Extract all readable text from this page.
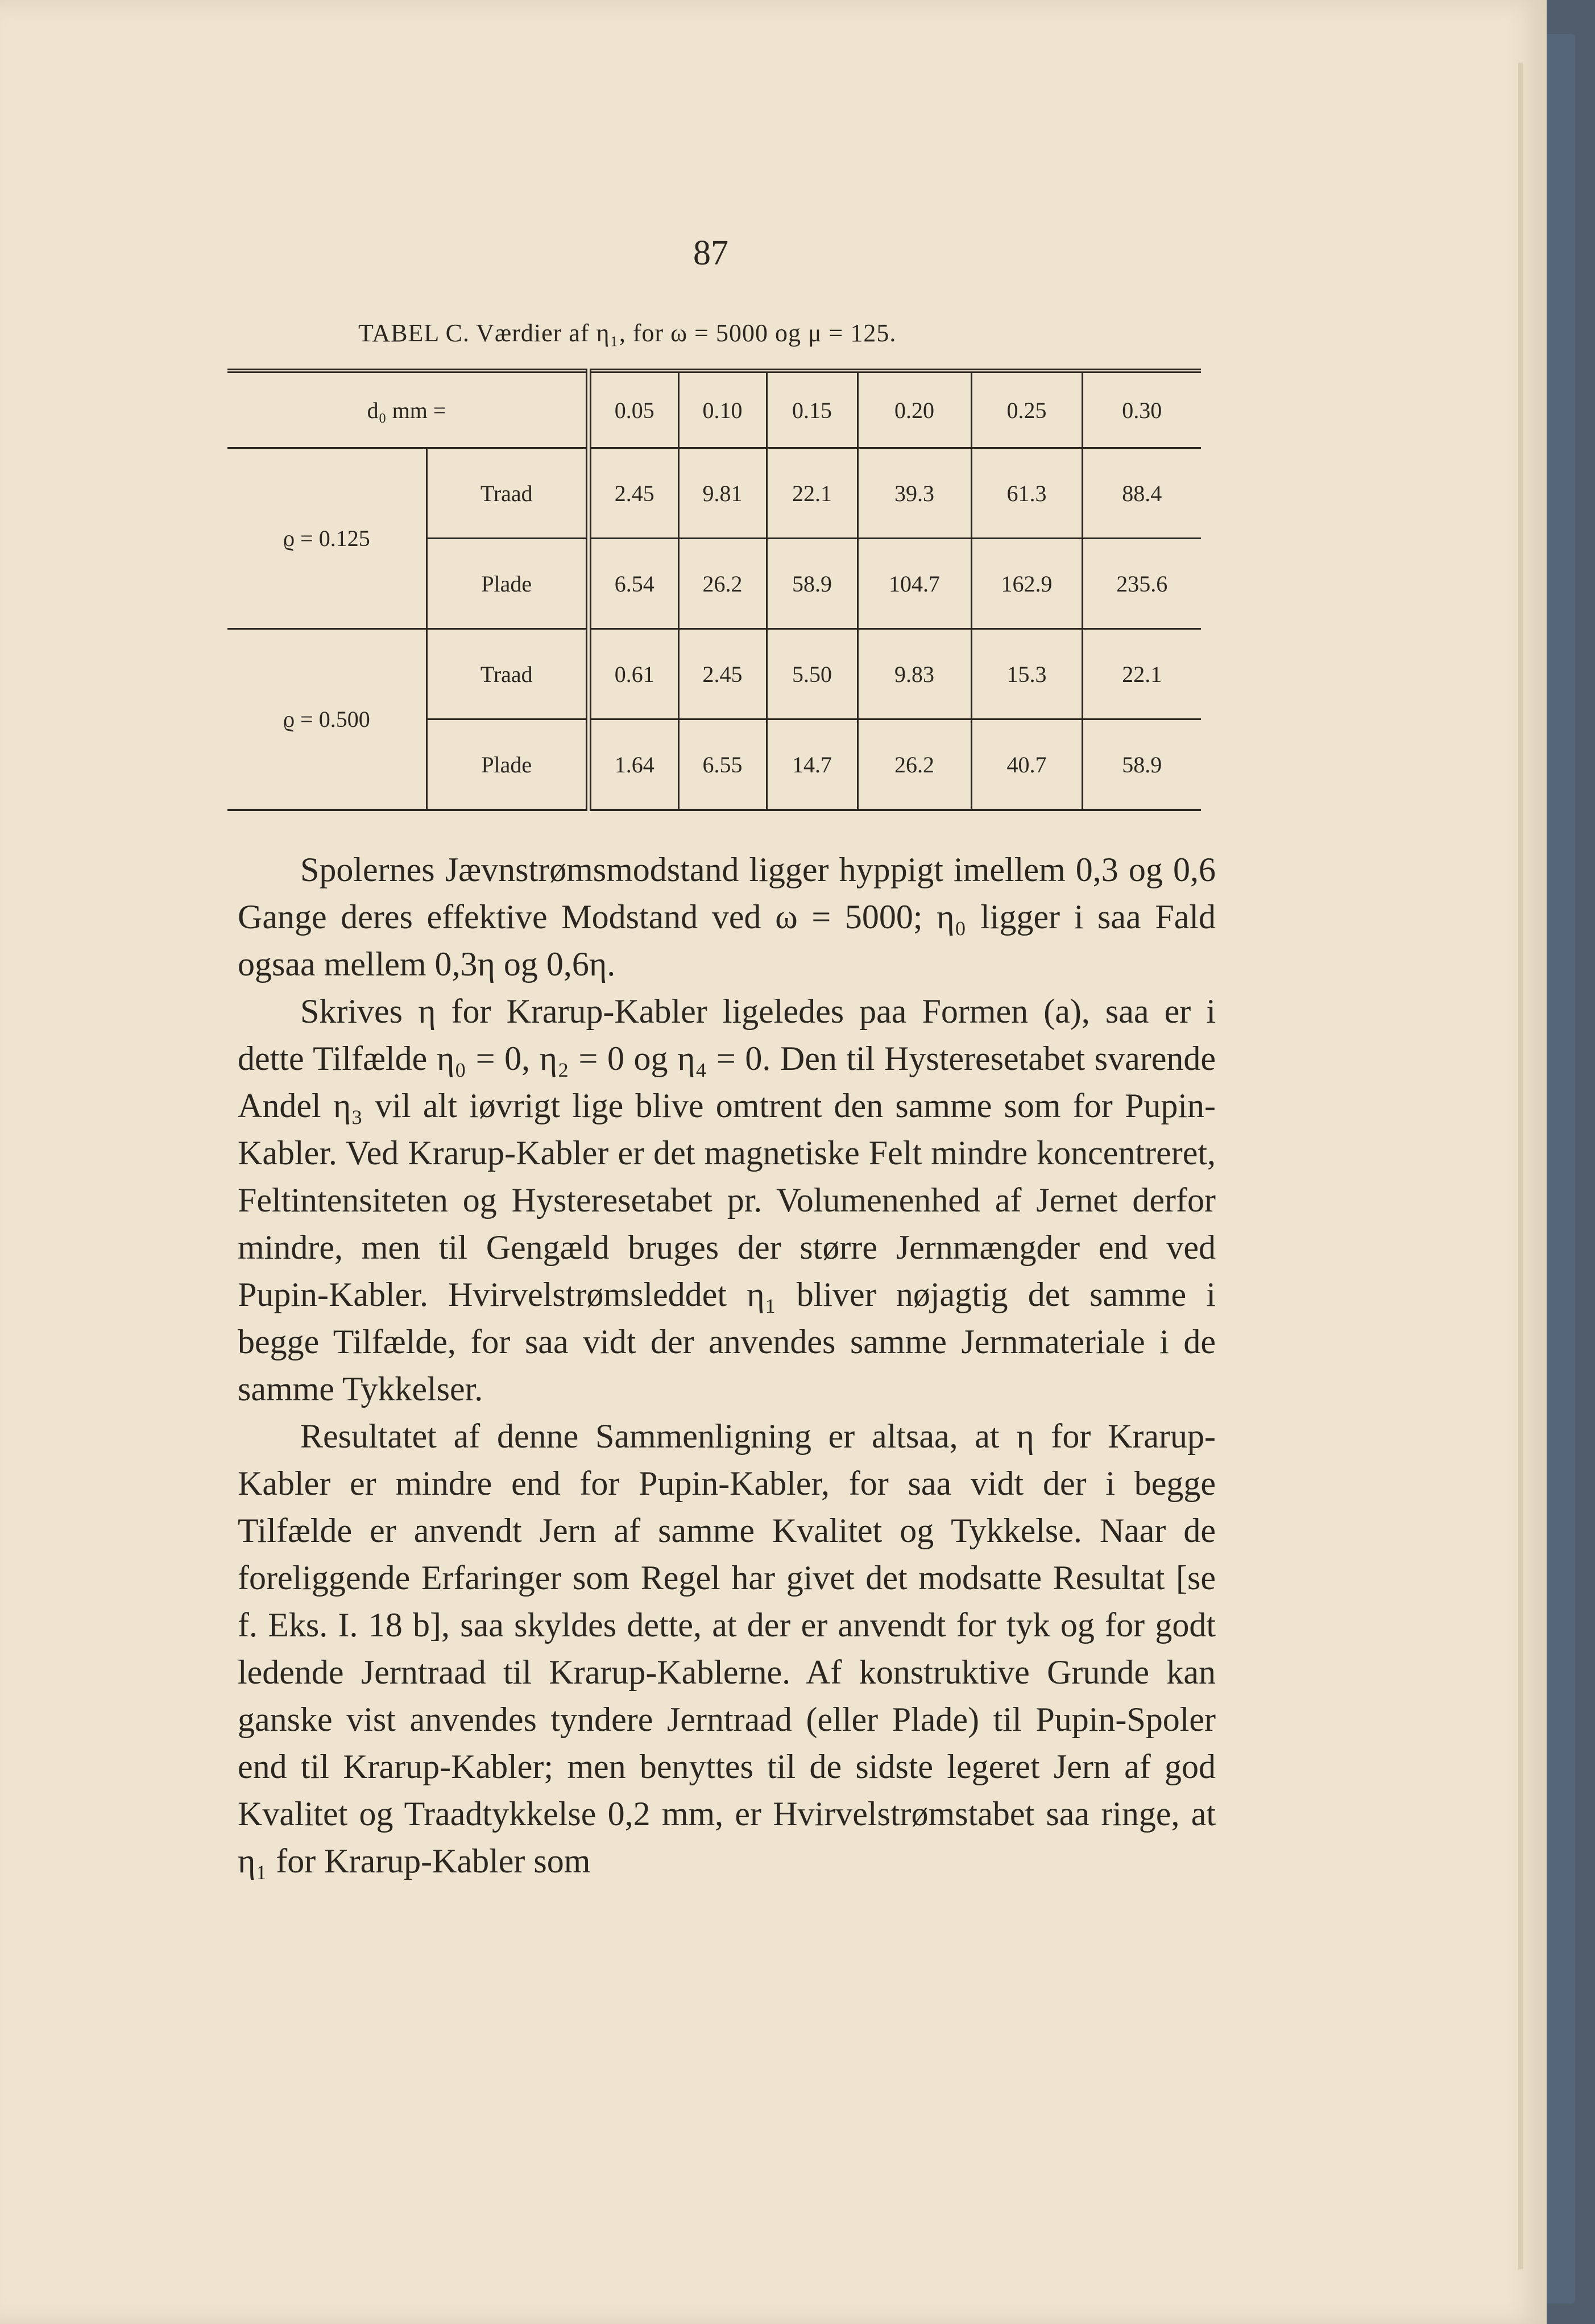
87
TABEL C. Værdier af η₁, for ω = 5000 og μ = 125.
d₀ mm =		0.05	0.10	0.15	0.20	0.25	0.30
ϱ = 0.125	Traad	2.45	9.81	22.1	39.3	61.3	88.4
	Plade	6.54	26.2	58.9	104.7	162.9	235.6
ϱ = 0.500	Traad	0.61	2.45	5.50	9.83	15.3	22.1
	Plade	1.64	6.55	14.7	26.2	40.7	58.9

Spolernes Jævnstrømsmodstand ligger hyppigt imellem 0,3 og 0,6 Gange deres effektive Modstand ved ω = 5000; η₀ ligger i saa Fald ogsaa mellem 0,3η og 0,6η.

Skrives η for Krarup-Kabler ligeledes paa Formen (a), saa er i dette Tilfælde η₀ = 0, η₂ = 0 og η₄ = 0. Den til Hysteresetabet svarende Andel η₃ vil alt iøvrigt lige blive omtrent den samme som for Pupin-Kabler. Ved Krarup-Kabler er det magnetiske Felt mindre koncentreret, Feltintensiteten og Hysteresetabet pr. Volumenenhed af Jernet derfor mindre, men til Gengæld bruges der større Jernmængder end ved Pupin-Kabler. Hvirvelstrømsleddet η₁ bliver nøjagtig det samme i begge Tilfælde, for saa vidt der anvendes samme Jernmateriale i de samme Tykkelser.

Resultatet af denne Sammenligning er altsaa, at η for Krarup-Kabler er mindre end for Pupin-Kabler, for saa vidt der i begge Tilfælde er anvendt Jern af samme Kvalitet og Tykkelse. Naar de foreliggende Erfaringer som Regel har givet det modsatte Resultat [se f. Eks. I. 18 b], saa skyldes dette, at der er anvendt for tyk og for godt ledende Jerntraad til Krarup-Kablerne. Af konstruktive Grunde kan ganske vist anvendes tyndere Jerntraad (eller Plade) til Pupin-Spoler end til Krarup-Kabler; men benyttes til de sidste legeret Jern af god Kvalitet og Traadtykkelse 0,2 mm, er Hvirvelstrømstabet saa ringe, at η₁ for Krarup-Kabler som
